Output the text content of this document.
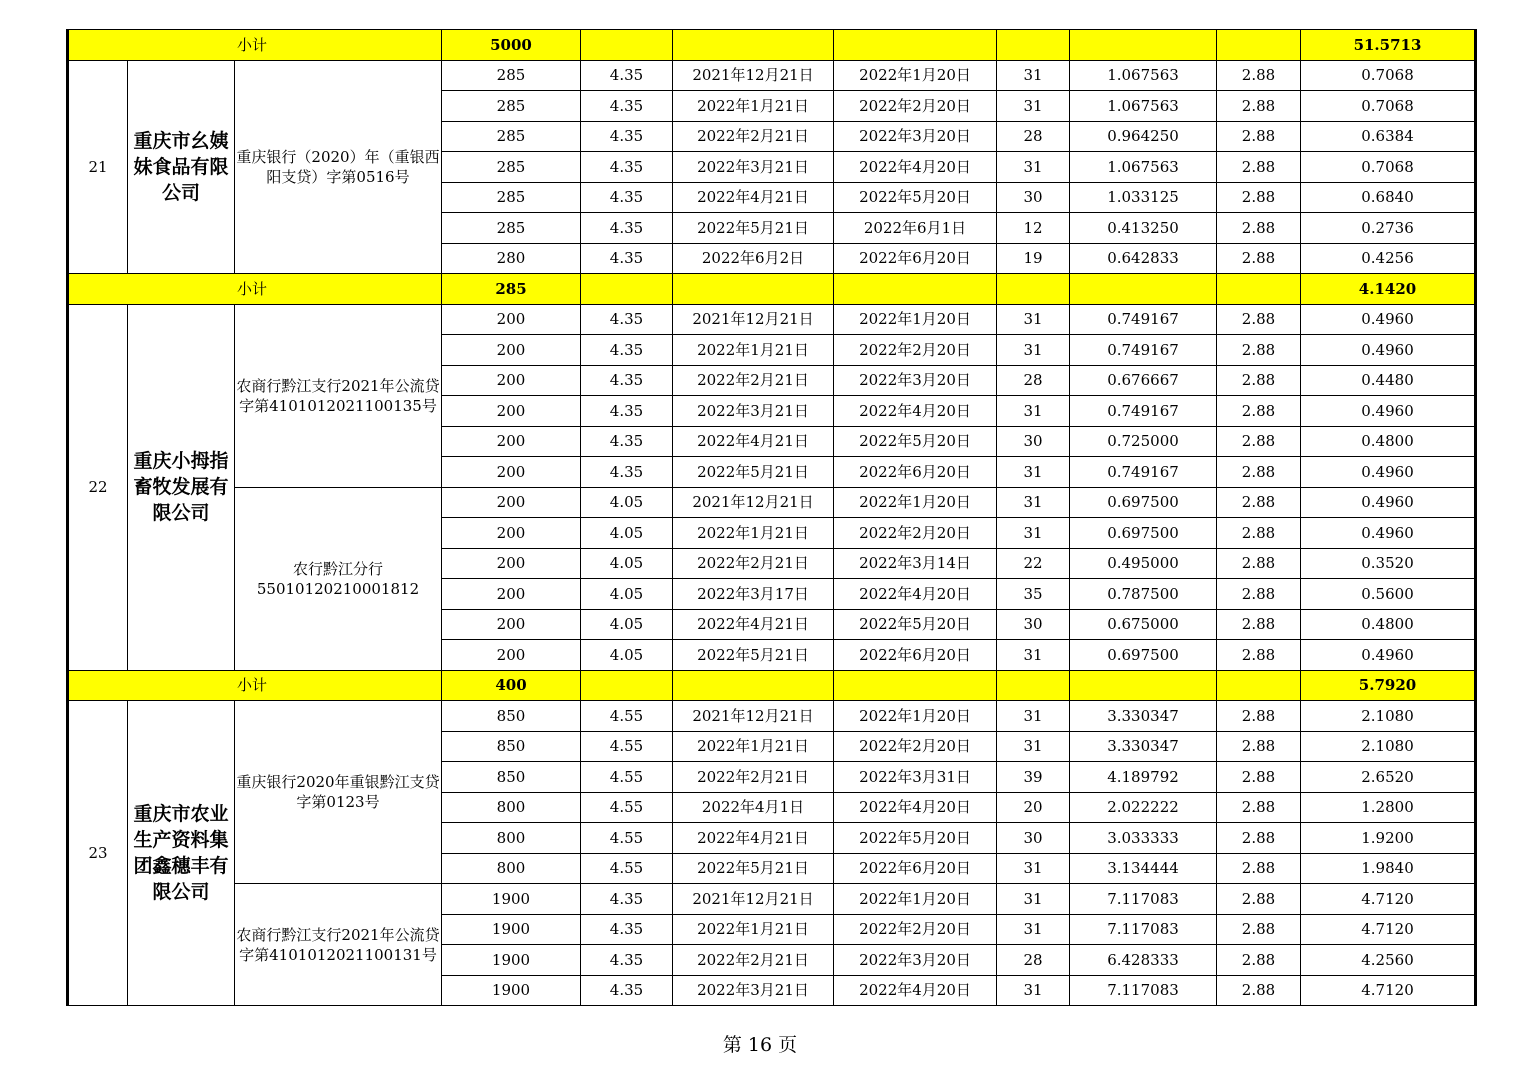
小计			5000							51.5713
21	重庆市幺姨妹食品有限公司	重庆银行（2020）年（重银西阳支贷）字第0516号	285	4.35	2021年12月21日	2022年1月20日	31	1.067563	2.88	0.7068
			285	4.35	2022年1月21日	2022年2月20日	31	1.067563	2.88	0.7068
			285	4.35	2022年2月21日	2022年3月20日	28	0.964250	2.88	0.6384
			285	4.35	2022年3月21日	2022年4月20日	31	1.067563	2.88	0.7068
			285	4.35	2022年4月21日	2022年5月20日	30	1.033125	2.88	0.6840
			285	4.35	2022年5月21日	2022年6月1日	12	0.413250	2.88	0.2736
			280	4.35	2022年6月2日	2022年6月20日	19	0.642833	2.88	0.4256
小计			285							4.1420
22	重庆小拇指畜牧发展有限公司	农商行黔江支行2021年公流贷字第4101012021100135号	200	4.35	2021年12月21日	2022年1月20日	31	0.749167	2.88	0.4960
			200	4.35	2022年1月21日	2022年2月20日	31	0.749167	2.88	0.4960
			200	4.35	2022年2月21日	2022年3月20日	28	0.676667	2.88	0.4480
			200	4.35	2022年3月21日	2022年4月20日	31	0.749167	2.88	0.4960
			200	4.35	2022年4月21日	2022年5月20日	30	0.725000	2.88	0.4800
			200	4.35	2022年5月21日	2022年6月20日	31	0.749167	2.88	0.4960
		农行黔江分行55010120210001812	200	4.05	2021年12月21日	2022年1月20日	31	0.697500	2.88	0.4960
			200	4.05	2022年1月21日	2022年2月20日	31	0.697500	2.88	0.4960
			200	4.05	2022年2月21日	2022年3月14日	22	0.495000	2.88	0.3520
			200	4.05	2022年3月17日	2022年4月20日	35	0.787500	2.88	0.5600
			200	4.05	2022年4月21日	2022年5月20日	30	0.675000	2.88	0.4800
			200	4.05	2022年5月21日	2022年6月20日	31	0.697500	2.88	0.4960
小计			400							5.7920
23	重庆市农业生产资料集团鑫穗丰有限公司	重庆银行2020年重银黔江支贷字第0123号	850	4.55	2021年12月21日	2022年1月20日	31	3.330347	2.88	2.1080
			850	4.55	2022年1月21日	2022年2月20日	31	3.330347	2.88	2.1080
			850	4.55	2022年2月21日	2022年3月31日	39	4.189792	2.88	2.6520
			800	4.55	2022年4月1日	2022年4月20日	20	2.022222	2.88	1.2800
			800	4.55	2022年4月21日	2022年5月20日	30	3.033333	2.88	1.9200
			800	4.55	2022年5月21日	2022年6月20日	31	3.134444	2.88	1.9840
		农商行黔江支行2021年公流贷字第4101012021100131号	1900	4.35	2021年12月21日	2022年1月20日	31	7.117083	2.88	4.7120
			1900	4.35	2022年1月21日	2022年2月20日	31	7.117083	2.88	4.7120
			1900	4.35	2022年2月21日	2022年3月20日	28	6.428333	2.88	4.2560
			1900	4.35	2022年3月21日	2022年4月20日	31	7.117083	2.88	4.7120
第 16 页
